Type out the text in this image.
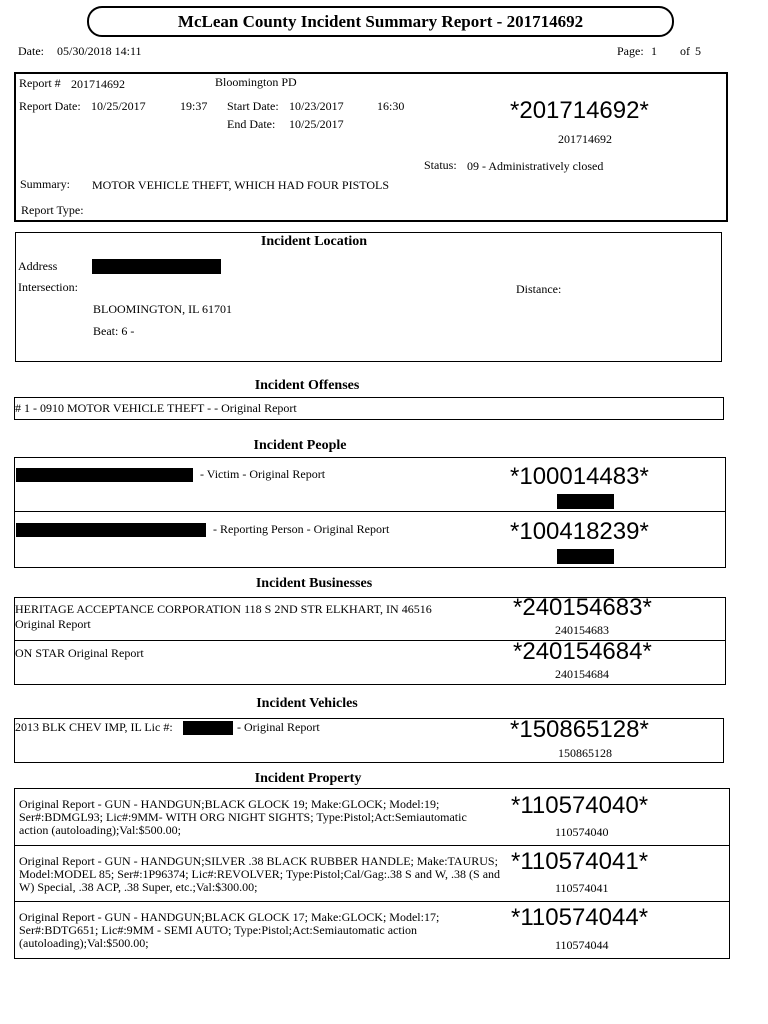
McLean County Incident Summary Report - 201714692
Date: 05/30/2018 14:11	Page: 1 of 5
Report # 201714692	Bloomington PD
Report Date: 10/25/2017	19:37 Start Date: 10/23/2017	16:30
End Date: 10/25/2017	*201714692*
201714692
Status: 09 - Administratively closed
Summary: MOTOR VEHICLE THEFT, WHICH HAD FOUR PISTOLS
Report Type:
Incident Location
Address
Intersection:	Distance:
BLOOMINGTON, IL 61701
Beat: 6 -
Incident Offenses
# 1 - 0910 MOTOR VEHICLE THEFT - - Original Report
Incident People
- Victim - Original Report	*100014483*
- Reporting Person - Original Report	*100418239*
Incident Businesses
HERITAGE ACCEPTANCE CORPORATION 118 S 2ND STR ELKHART, IN 46516
Original Report
*240154683*
240154683
ON STAR Original Report	*240154684*
240154684
Incident Vehicles
2013 BLK CHEV IMP, IL Lic #:	- Original Report	*150865128*
150865128
Incident Property
Original Report - GUN - HANDGUN;BLACK GLOCK 19; Make:GLOCK; Model:19; Ser#:BDMGL93; Lic#:9MM- WITH ORG NIGHT SIGHTS; Type:Pistol;Act:Semiautomatic action (autoloading);Val:$500.00;
*110574040*
110574040
Original Report - GUN - HANDGUN;SILVER .38 BLACK RUBBER HANDLE; Make:TAURUS; Model:MODEL 85; Ser#:1P96374; Lic#:REVOLVER; Type:Pistol;Cal/Gag:.38 S and W, .38 (S and W) Special, .38 ACP, .38 Super, etc.;Val:$300.00;
*110574041*
110574041
Original Report - GUN - HANDGUN;BLACK GLOCK 17; Make:GLOCK; Model:17; Ser#:BDTG651; Lic#:9MM - SEMI AUTO; Type:Pistol;Act:Semiautomatic action (autoloading);Val:$500.00;
*110574044*
110574044
